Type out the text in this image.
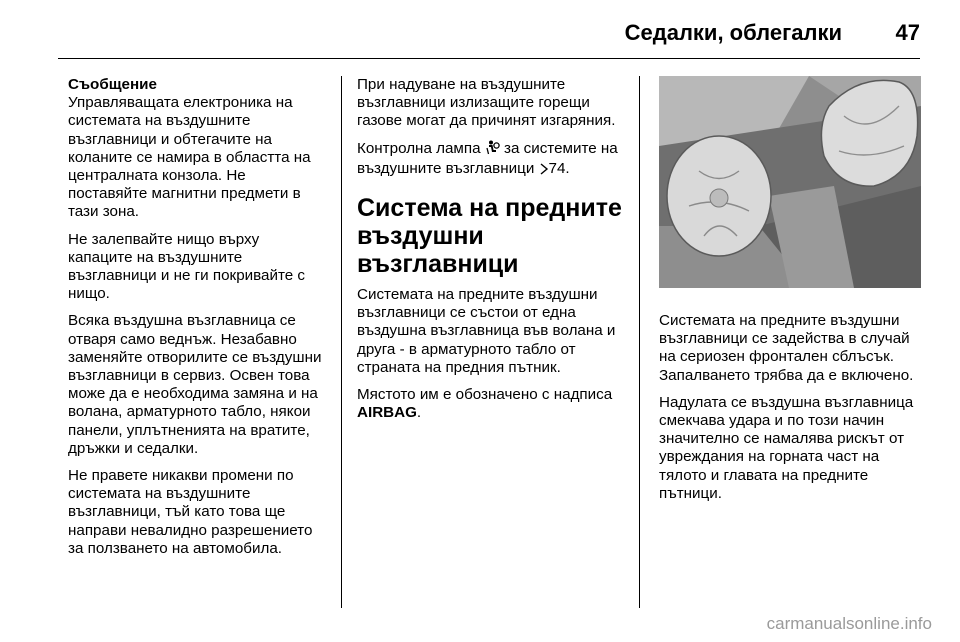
Седалки, облегалки 47
Съобщение

Управляващата електроника на системата на въздушните възглавници и обтегачите на коланите се намира в областта на централната конзола. Не поставяйте магнитни предмети в тази зона.

Не залепвайте нищо върху капаците на въздушните възглавници и не ги покривайте с нищо.

Всяка въздушна възглавница се отваря само веднъж. Незабавно заменяйте отворилите се въздушни възглавници в сервиз. Освен това може да е необходима замяна и на волана, арматурното табло, някои панели, уплътненията на вратите, дръжки и седалки.

Не правете никакви промени по системата на въздушните възглавници, тъй като това ще направи невалидно разрешението за ползването на автомобила.

При надуване на въздушните възглавници излизащите горещи газове могат да причинят изгаряния.

Контролна лампа  за системите на въздушните възглавници 74.

Система на предните въздушни възглавници

Системата на предните въздушни възглавници се състои от една въздушна възглавница във волана и друга - в арматурното табло от страната на предния пътник.

Мястото им е обозначено с надписа AIRBAG.

Системата на предните въздушни възглавници се задейства в случай на сериозен фронтален сблъсък. Запалването трябва да е включено.

Надулата се въздушна възглавница смекчава удара и по този начин значително се намалява рискът от увреждания на горната част на тялото и главата на предните пътници.

carmanualsonline.info
